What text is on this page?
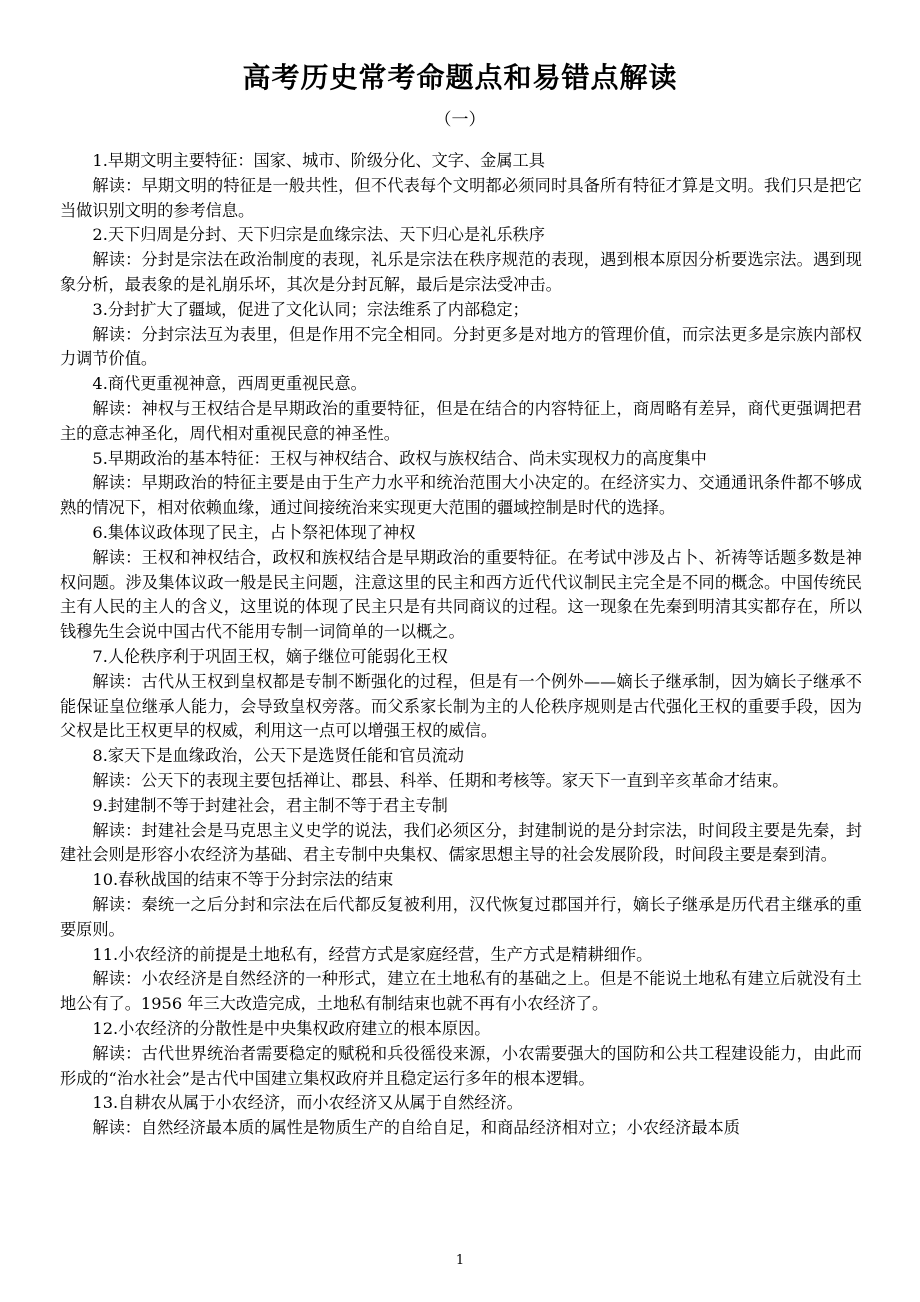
高考历史常考命题点和易错点解读
（一）

1.早期文明主要特征：国家、城市、阶级分化、文字、金属工具

解读：早期文明的特征是一般共性，但不代表每个文明都必须同时具备所有特征才算是文明。我们只是把它当做识别文明的参考信息。

2.天下归周是分封、天下归宗是血缘宗法、天下归心是礼乐秩序

解读：分封是宗法在政治制度的表现，礼乐是宗法在秩序规范的表现，遇到根本原因分析要选宗法。遇到现象分析，最表象的是礼崩乐坏，其次是分封瓦解，最后是宗法受冲击。

3.分封扩大了疆域，促进了文化认同；宗法维系了内部稳定；

解读：分封宗法互为表里，但是作用不完全相同。分封更多是对地方的管理价值，而宗法更多是宗族内部权力调节价值。

4.商代更重视神意，西周更重视民意。

解读：神权与王权结合是早期政治的重要特征，但是在结合的内容特征上，商周略有差异，商代更强调把君主的意志神圣化，周代相对重视民意的神圣性。

5.早期政治的基本特征：王权与神权结合、政权与族权结合、尚未实现权力的高度集中

解读：早期政治的特征主要是由于生产力水平和统治范围大小决定的。在经济实力、交通通讯条件都不够成熟的情况下，相对依赖血缘，通过间接统治来实现更大范围的疆域控制是时代的选择。

6.集体议政体现了民主，占卜祭祀体现了神权

解读：王权和神权结合，政权和族权结合是早期政治的重要特征。在考试中涉及占卜、祈祷等话题多数是神权问题。涉及集体议政一般是民主问题，注意这里的民主和西方近代代议制民主完全是不同的概念。中国传统民主有人民的主人的含义，这里说的体现了民主只是有共同商议的过程。这一现象在先秦到明清其实都存在，所以钱穆先生会说中国古代不能用专制一词简单的一以概之。

7.人伦秩序利于巩固王权，嫡子继位可能弱化王权

解读：古代从王权到皇权都是专制不断强化的过程，但是有一个例外——嫡长子继承制，因为嫡长子继承不能保证皇位继承人能力，会导致皇权旁落。而父系家长制为主的人伦秩序规则是古代强化王权的重要手段，因为父权是比王权更早的权威，利用这一点可以增强王权的威信。

8.家天下是血缘政治，公天下是选贤任能和官员流动

解读：公天下的表现主要包括禅让、郡县、科举、任期和考核等。家天下一直到辛亥革命才结束。

9.封建制不等于封建社会，君主制不等于君主专制

解读：封建社会是马克思主义史学的说法，我们必须区分，封建制说的是分封宗法，时间段主要是先秦，封建社会则是形容小农经济为基础、君主专制中央集权、儒家思想主导的社会发展阶段，时间段主要是秦到清。

10.春秋战国的结束不等于分封宗法的结束

解读：秦统一之后分封和宗法在后代都反复被利用，汉代恢复过郡国并行，嫡长子继承是历代君主继承的重要原则。

11.小农经济的前提是土地私有，经营方式是家庭经营，生产方式是精耕细作。

解读：小农经济是自然经济的一种形式，建立在土地私有的基础之上。但是不能说土地私有建立后就没有土地公有了。1956 年三大改造完成，土地私有制结束也就不再有小农经济了。

12.小农经济的分散性是中央集权政府建立的根本原因。

解读：古代世界统治者需要稳定的赋税和兵役徭役来源，小农需要强大的国防和公共工程建设能力，由此而形成的“治水社会”是古代中国建立集权政府并且稳定运行多年的根本逻辑。

13.自耕农从属于小农经济，而小农经济又从属于自然经济。

解读：自然经济最本质的属性是物质生产的自给自足，和商品经济相对立；小农经济最本质

1
